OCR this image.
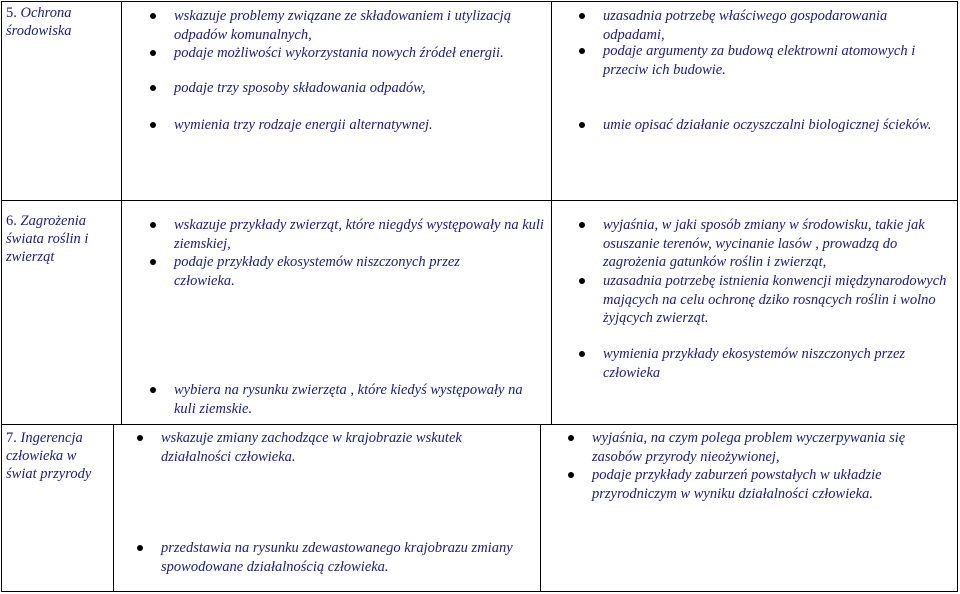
5. Ochrona środowiska
wskazuje problemy związane ze składowaniem i utylizacją odpadów komunalnych,
podaje możliwości wykorzystania nowych źródeł energii.
podaje trzy sposoby składowania odpadów,
wymienia trzy rodzaje energii alternatywnej.
uzasadnia potrzebę właściwego gospodarowania odpadami,
podaje argumenty za budową elektrowni atomowych i przeciw ich budowie.
umie opisać działanie oczyszczalni biologicznej ścieków.
6. Zagrożenia świata roślin i zwierząt
wskazuje przykłady zwierząt, które niegdyś występowały na kuli ziemskiej,
podaje przykłady ekosystemów niszczonych przez człowieka.
wybiera na rysunku zwierzęta , które kiedyś występowały na kuli ziemskie.
wyjaśnia, w jaki sposób zmiany w środowisku, takie jak osuszanie terenów, wycinanie lasów , prowadzą do zagrożenia gatunków roślin i zwierząt,
uzasadnia potrzebę istnienia konwencji międzynarodowych mających na celu ochronę dziko rosnących roślin i wolno żyjących zwierząt.
wymienia przykłady ekosystemów niszczonych przez człowieka
7. Ingerencja człowieka w świat przyrody
wskazuje zmiany zachodzące w krajobrazie wskutek działalności człowieka.
przedstawia na rysunku zdewastowanego krajobrazu zmiany spowodowane działalnością człowieka.
wyjaśnia, na czym polega problem wyczerpywania się zasobów przyrody nieożywionej,
podaje przykłady zaburzeń powstałych w układzie przyrodniczym w wyniku działalności człowieka.
